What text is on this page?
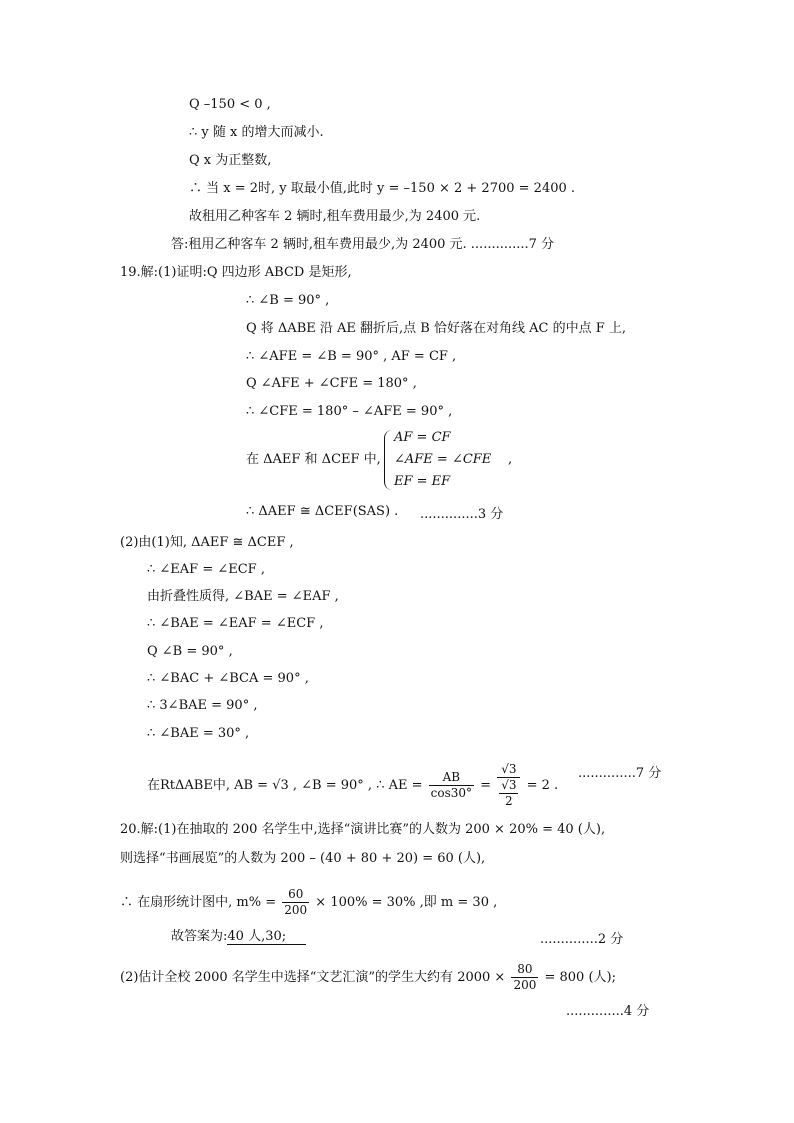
Q –150 < 0 ,
∴ y 随 x 的增大而减小.
Q x 为正整数,
∴ 当 x = 2时, y 取最小值,此时 y = –150 × 2 + 2700 = 2400 .
故租用乙种客车 2 辆时,租车费用最少,为 2400 元.
答:租用乙种客车 2 辆时,租车费用最少,为 2400 元. ..............7 分
19.解:(1)证明:Q 四边形 ABCD 是矩形,
∴ ∠B = 90° ,
Q 将 ΔABE 沿 AE 翻折后,点 B 恰好落在对角线 AC 的中点 F 上,
∴ ∠AFE = ∠B = 90° , AF = CF ,
Q ∠AFE + ∠CFE = 180° ,
∴ ∠CFE = 180° – ∠AFE = 90° ,
在 ΔAEF 和 ΔCEF 中,
AF = CF
∠AFE = ∠CFE
EF = EF
,
∴ ΔAEF ≅ ΔCEF(SAS) . ..............3 分
(2)由(1)知, ΔAEF ≅ ΔCEF ,
∴ ∠EAF = ∠ECF ,
由折叠性质得, ∠BAE = ∠EAF ,
∴ ∠BAE = ∠EAF = ∠ECF ,
Q ∠B = 90° ,
∴ ∠BAC + ∠BCA = 90° ,
∴ 3∠BAE = 90° ,
∴ ∠BAE = 30° ,
在RtΔABE中, AB = √3 , ∠B = 90° , ∴ AE = $\frac{AB}{\cos 30^\circ} = \frac{√3}{\frac{√3}{2}} = 2$ .
..............7 分
20.解:(1)在抽取的 200 名学生中,选择“演讲比赛”的人数为 200 × 20% = 40 (人),
则选择“书画展览”的人数为 200 – (40 + 80 + 20) = 60 (人),
∴ 在扇形统计图中, $m\% = \frac{60}{200} \times 100\% = 30\%$ ,即 m = 30 ,
故答案为:40 人,30;	..............2 分
(2)估计全校 2000 名学生中选择“文艺汇演”的学生大约有 $2000 \times \frac{80}{200} = 800$ (人);
..............4 分
